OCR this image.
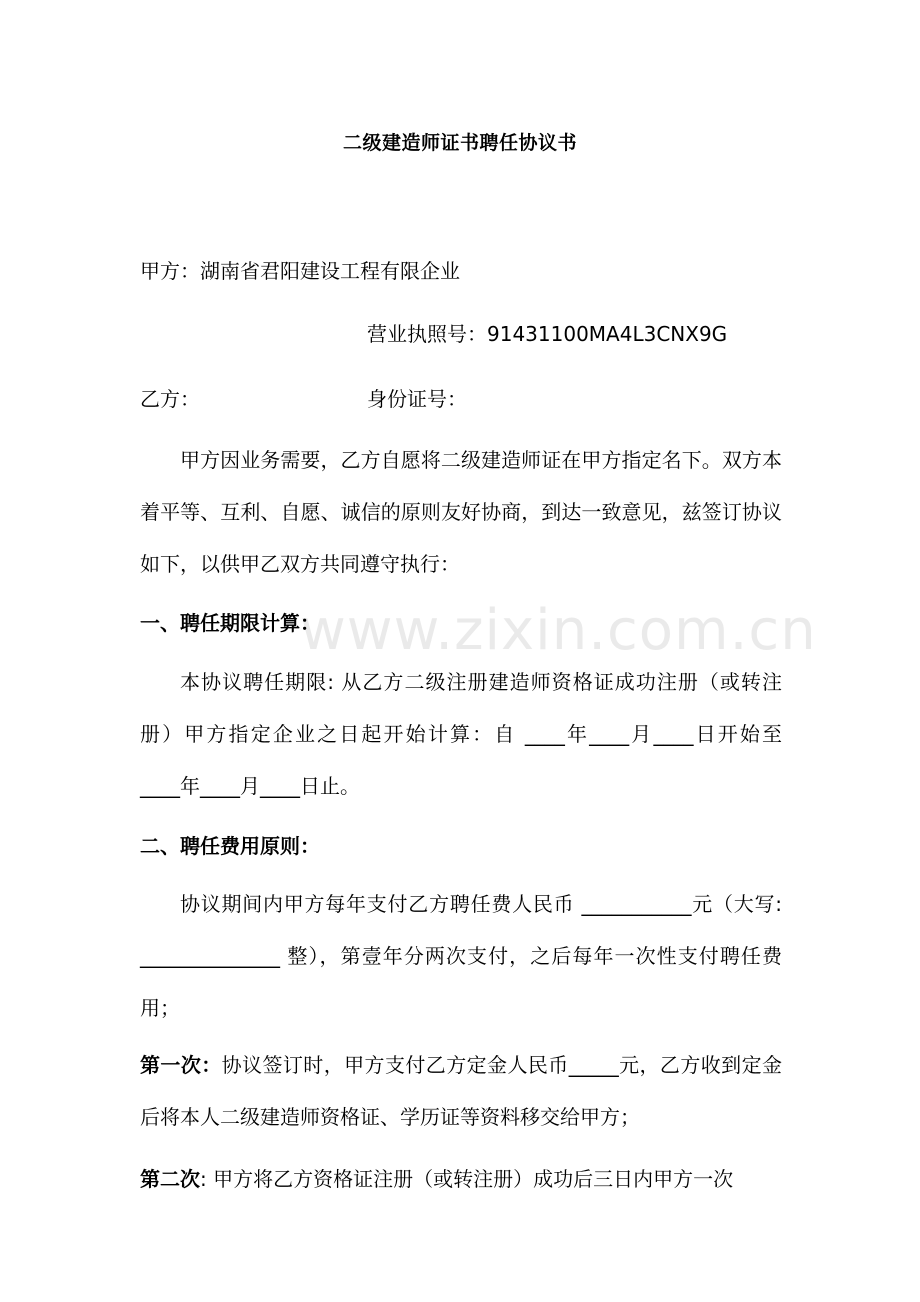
www.zixin.com.cn
二级建造师证书聘任协议书
甲方：湖南省君阳建设工程有限企业
营业执照号：91431100MA4L3CNX9G
乙方：	身份证号：
甲方因业务需要，乙方自愿将二级建造师证在甲方指定名下。双方本着平等、互利、自愿、诚信的原则友好协商，到达一致意见，兹签订协议如下，以供甲乙双方共同遵守执行：
一、聘任期限计算：
本协议聘任期限: 从乙方二级注册建造师资格证成功注册（或转注册）甲方指定企业之日起开始计算：自 ____年____月____日开始至　____年____月____日止。
二、聘任费用原则：
协议期间内甲方每年支付乙方聘任费人民币 ___________元（大写: ______________ 整），第壹年分两次支付，之后每年一次性支付聘任费用；
第一次：协议签订时，甲方支付乙方定金人民币_____元，乙方收到定金后将本人二级建造师资格证、学历证等资料移交给甲方；
第二次: 甲方将乙方资格证注册（或转注册）成功后三日内甲方一次
